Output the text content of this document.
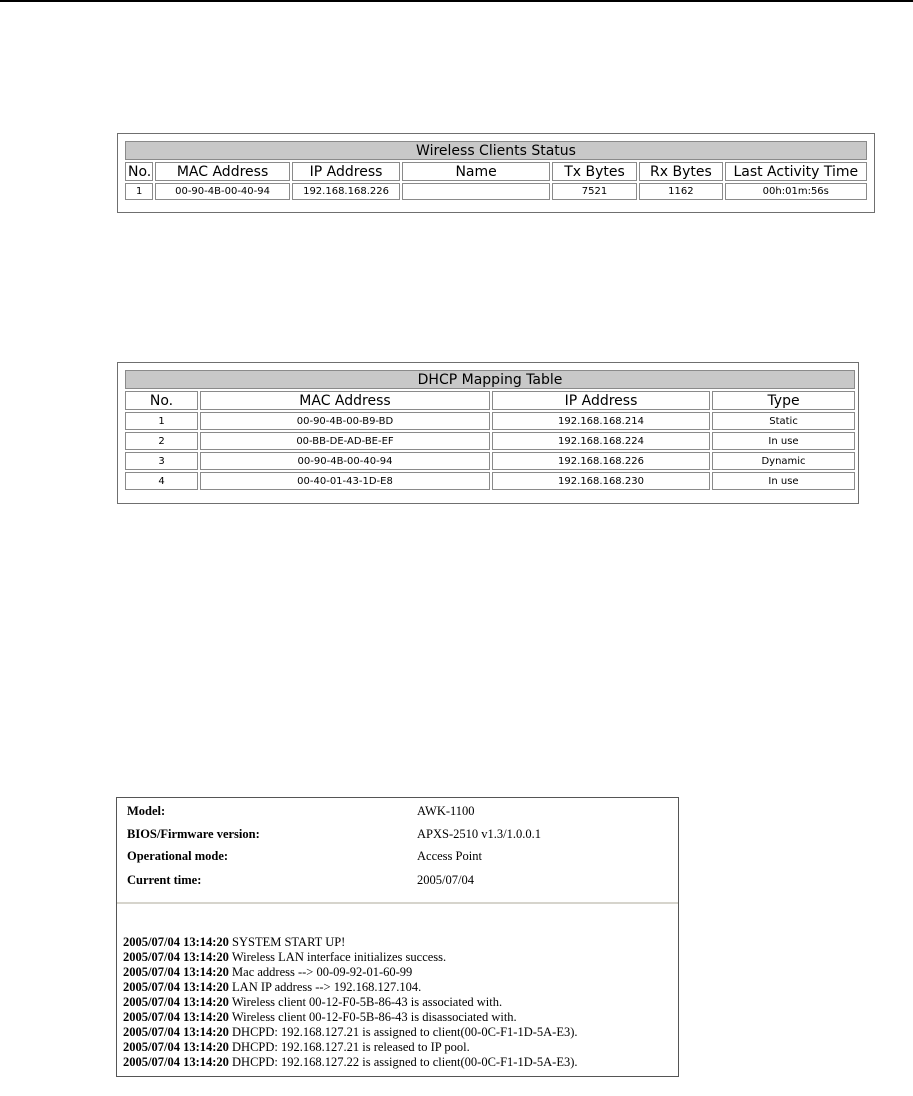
Wireless Clients Status						
No.	MAC Address	IP Address	Name	Tx Bytes	Rx Bytes	Last Activity Time
1	00-90-4B-00-40-94	192.168.168.226		7521	1162	00h:01m:56s
DHCP Mapping Table			
No.	MAC Address	IP Address	Type
1	00-90-4B-00-B9-BD	192.168.168.214	Static
2	00-BB-DE-AD-BE-EF	192.168.168.224	In use
3	00-90-4B-00-40-94	192.168.168.226	Dynamic
4	00-40-01-43-1D-E8	192.168.168.230	In use
Model:	AWK-1100
BIOS/Firmware version:	APXS-2510 v1.3/1.0.0.1
Operational mode:	Access Point
Current time:	2005/07/04
2005/07/04 13:14:20 SYSTEM START UP!
2005/07/04 13:14:20 Wireless LAN interface initializes success.
2005/07/04 13:14:20 Mac address --> 00-09-92-01-60-99
2005/07/04 13:14:20 LAN IP address --> 192.168.127.104.
2005/07/04 13:14:20 Wireless client 00-12-F0-5B-86-43 is associated with.
2005/07/04 13:14:20 Wireless client 00-12-F0-5B-86-43 is disassociated with.
2005/07/04 13:14:20 DHCPD: 192.168.127.21 is assigned to client(00-0C-F1-1D-5A-E3).
2005/07/04 13:14:20 DHCPD: 192.168.127.21 is released to IP pool.
2005/07/04 13:14:20 DHCPD: 192.168.127.22 is assigned to client(00-0C-F1-1D-5A-E3).
